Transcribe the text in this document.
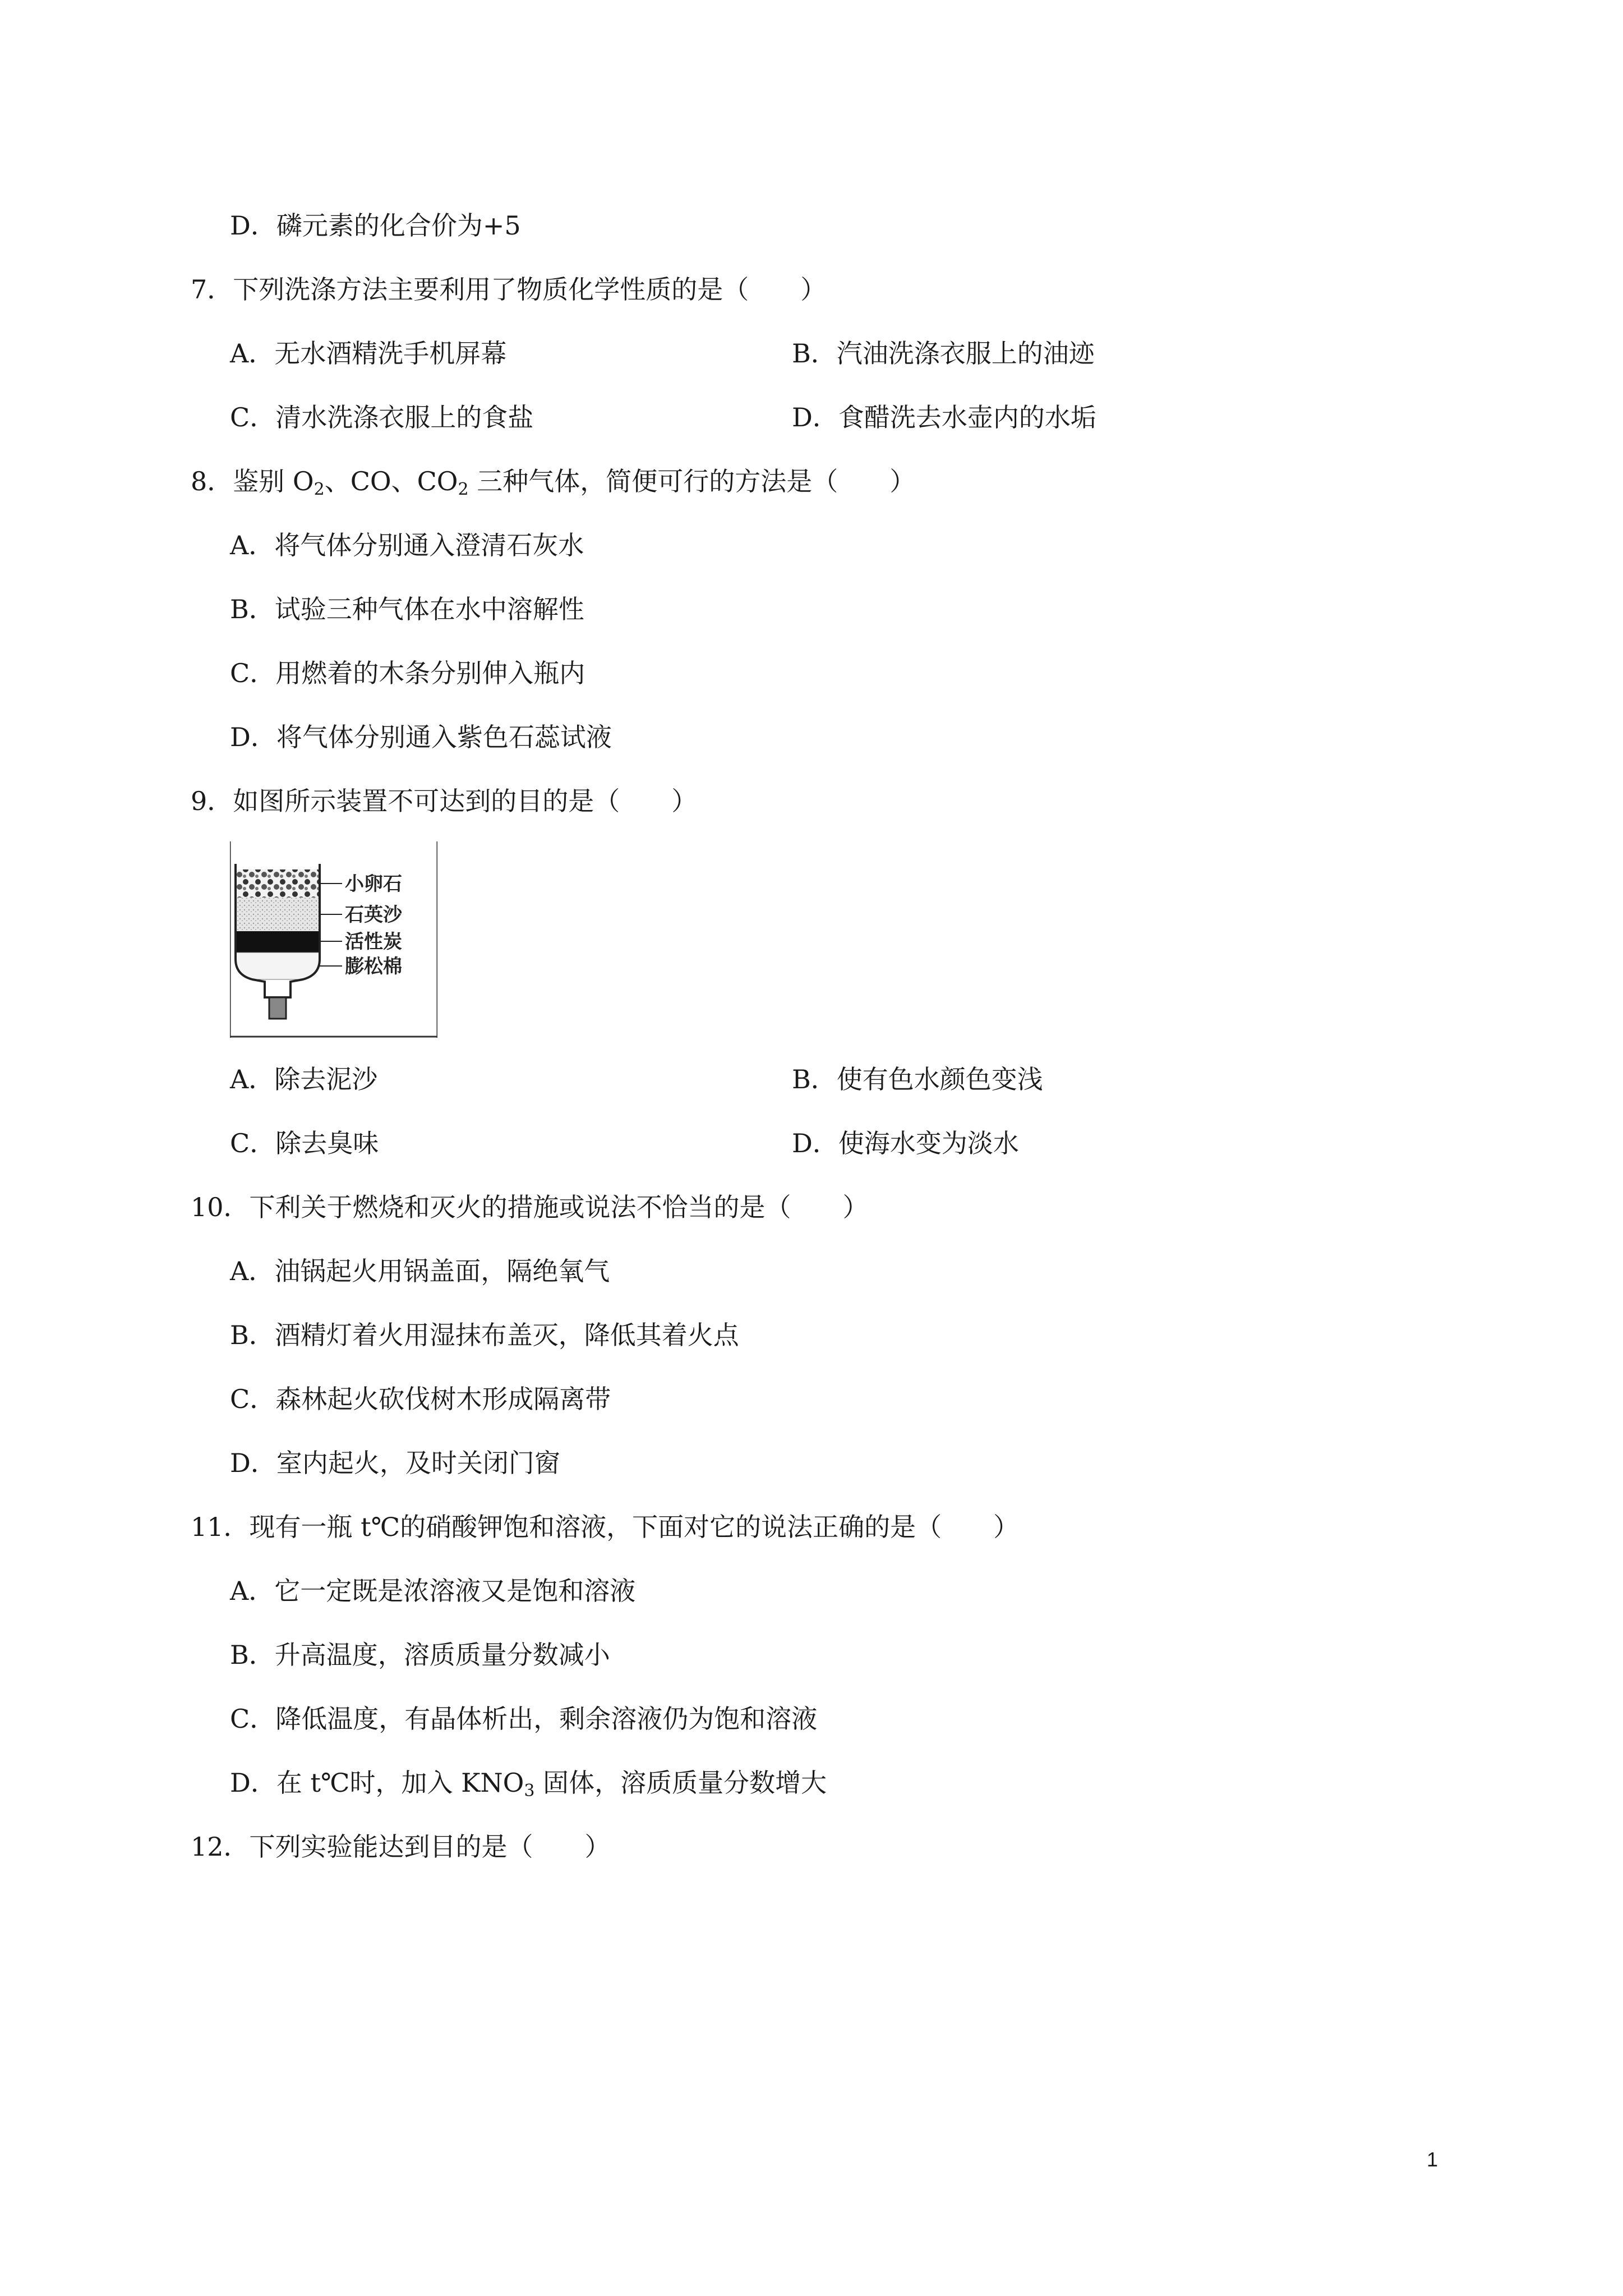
D．磷元素的化合价为+5
7．下列洗涤方法主要利用了物质化学性质的是（　　）
A．无水酒精洗手机屏幕	B．汽油洗涤衣服上的油迹
C．清水洗涤衣服上的食盐	D．食醋洗去水壶内的水垢
8．鉴别 $O_2$、CO、$CO_2$ 三种气体，简便可行的方法是（　　）
A．将气体分别通入澄清石灰水
B．试验三种气体在水中溶解性
C．用燃着的木条分别伸入瓶内
D．将气体分别通入紫色石蕊试液
9．如图所示装置不可达到的目的是（　　）
小卵石
石英沙
活性炭
膨松棉
A．除去泥沙	B．使有色水颜色变浅
C．除去臭味	D．使海水变为淡水
10．下利关于燃烧和灭火的措施或说法不恰当的是（　　）
A．油锅起火用锅盖面，隔绝氧气
B．酒精灯着火用湿抹布盖灭，降低其着火点
C．森林起火砍伐树木形成隔离带
D．室内起火，及时关闭门窗
11．现有一瓶 t℃的硝酸钾饱和溶液，下面对它的说法正确的是（　　）
A．它一定既是浓溶液又是饱和溶液
B．升高温度，溶质质量分数减小
C．降低温度，有晶体析出，剩余溶液仍为饱和溶液
D．在 t℃时，加入 $KNO_3$ 固体，溶质质量分数增大
12．下列实验能达到目的是（　　）
1
